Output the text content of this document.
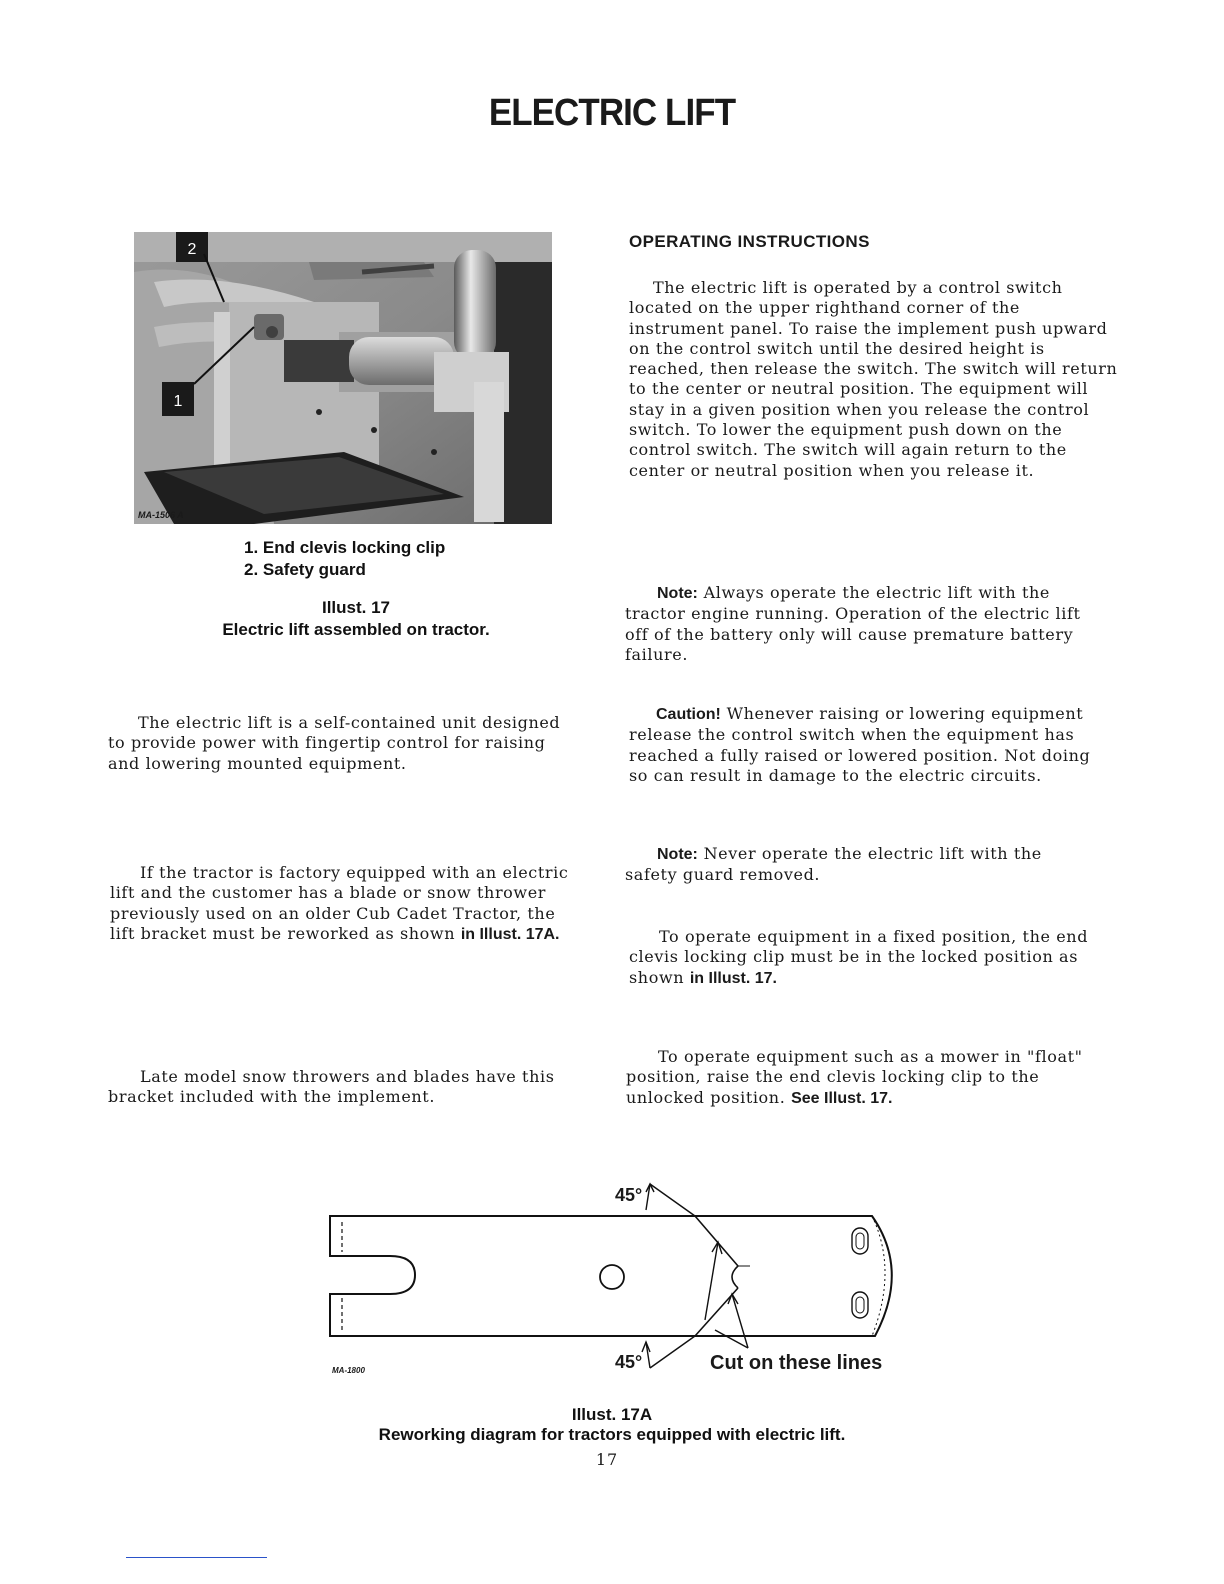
ELECTRIC LIFT
2
1
MA-1506 A
1. End clevis locking clip
2. Safety guard
Illust. 17
Electric lift assembled on tractor.
The electric lift is a self-contained unit designed to provide power with fingertip control for raising and lowering mounted equipment.
If the tractor is factory equipped with an electric lift and the customer has a blade or snow thrower previously used on an older Cub Cadet Tractor, the lift bracket must be reworked as shown in Illust. 17A.
Late model snow throwers and blades have this bracket included with the implement.
OPERATING INSTRUCTIONS
The electric lift is operated by a control switch located on the upper righthand corner of the instrument panel. To raise the implement push upward on the control switch until the desired height is reached, then release the switch. The switch will return to the center or neutral position. The equipment will stay in a given position when you release the control switch. To lower the equipment push down on the control switch. The switch will again return to the center or neutral position when you release it.
Note: Always operate the electric lift with the tractor engine running. Operation of the electric lift off of the battery only will cause premature battery failure.
Caution! Whenever raising or lowering equipment release the control switch when the equipment has reached a fully raised or lowered position. Not doing so can result in damage to the electric circuits.
Note: Never operate the electric lift with the safety guard removed.
To operate equipment in a fixed position, the end clevis locking clip must be in the locked position as shown in Illust. 17.
To operate equipment such as a mower in "float" position, raise the end clevis locking clip to the unlocked position. See Illust. 17.
MA-1800
45°
45°	Cut on these lines
Illust. 17A
Reworking diagram for tractors equipped with electric lift.
17
